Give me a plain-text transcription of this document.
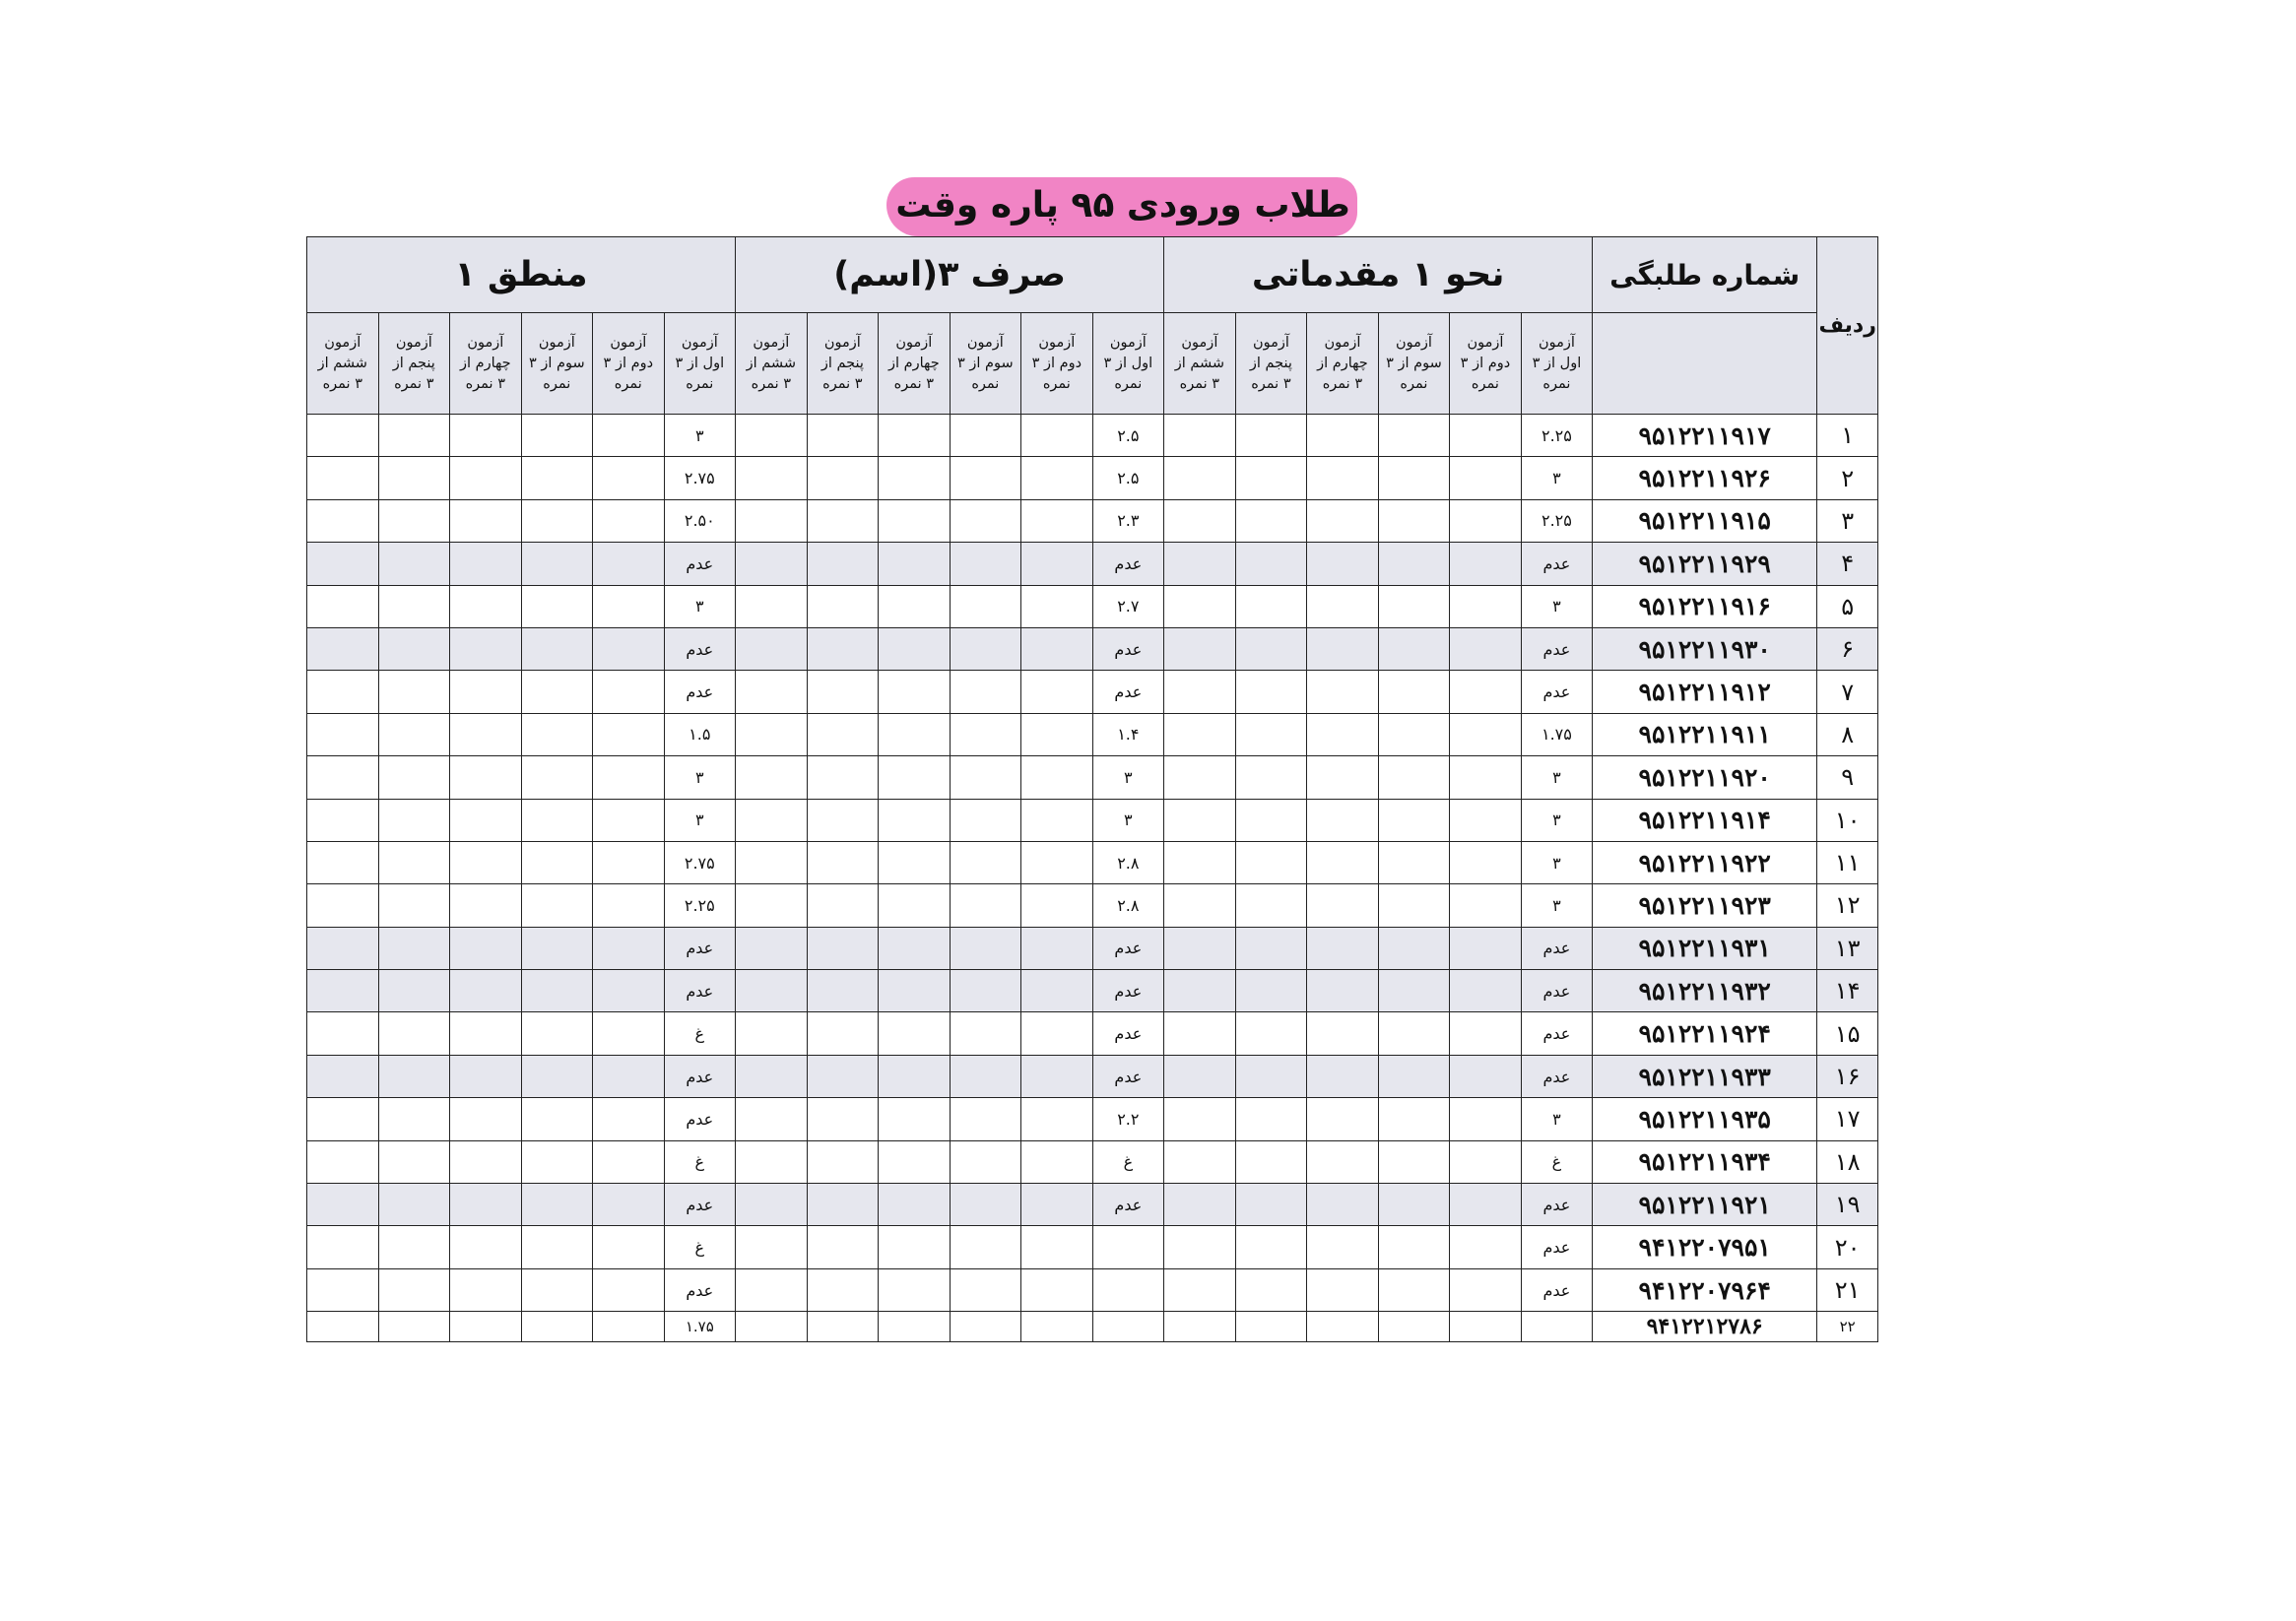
طلاب ورودی ۹۵ پاره وقت
ردیف	شماره طلبگی	نحو ۱ مقدماتی						صرف ۳(اسم)						منطق ۱					

		آزمون
اول از ۳
نمره	آزمون
دوم از ۳
نمره	آزمون
سوم از ۳
نمره	آزمون
چهارم از
۳ نمره	آزمون
پنجم از
۳ نمره	آزمون
ششم از
۳ نمره	آزمون
اول از ۳
نمره	آزمون
دوم از ۳
نمره	آزمون
سوم از ۳
نمره	آزمون
چهارم از
۳ نمره	آزمون
پنجم از
۳ نمره	آزمون
ششم از
۳ نمره	آزمون
اول از ۳
نمره	آزمون
دوم از ۳
نمره	آزمون
سوم از ۳
نمره	آزمون
چهارم از
۳ نمره	آزمون
پنجم از
۳ نمره	آزمون
ششم از
۳ نمره

۱	۹۵۱۲۲۱۱۹۱۷	۲.۲۵						۲.۵						۳					
۲	۹۵۱۲۲۱۱۹۲۶	۳						۲.۵						۲.۷۵					
۳	۹۵۱۲۲۱۱۹۱۵	۲.۲۵						۲.۳						۲.۵۰					
۴	۹۵۱۲۲۱۱۹۲۹	عدم						عدم						عدم					
۵	۹۵۱۲۲۱۱۹۱۶	۳						۲.۷						۳					
۶	۹۵۱۲۲۱۱۹۳۰	عدم						عدم						عدم					
۷	۹۵۱۲۲۱۱۹۱۲	عدم						عدم						عدم					
۸	۹۵۱۲۲۱۱۹۱۱	۱.۷۵						۱.۴						۱.۵					
۹	۹۵۱۲۲۱۱۹۲۰	۳						۳						۳					
۱۰	۹۵۱۲۲۱۱۹۱۴	۳						۳						۳					
۱۱	۹۵۱۲۲۱۱۹۲۲	۳						۲.۸						۲.۷۵					
۱۲	۹۵۱۲۲۱۱۹۲۳	۳						۲.۸						۲.۲۵					
۱۳	۹۵۱۲۲۱۱۹۳۱	عدم						عدم						عدم					
۱۴	۹۵۱۲۲۱۱۹۳۲	عدم						عدم						عدم					
۱۵	۹۵۱۲۲۱۱۹۲۴	عدم						عدم						غ					
۱۶	۹۵۱۲۲۱۱۹۳۳	عدم						عدم						عدم					
۱۷	۹۵۱۲۲۱۱۹۳۵	۳						۲.۲						عدم					
۱۸	۹۵۱۲۲۱۱۹۳۴	غ						غ						غ					
۱۹	۹۵۱۲۲۱۱۹۲۱	عدم						عدم						عدم					
۲۰	۹۴۱۲۲۰۷۹۵۱	عدم												غ					
۲۱	۹۴۱۲۲۰۷۹۶۴	عدم												عدم					
۲۲	۹۴۱۲۲۱۲۷۸۶													۱.۷۵					
